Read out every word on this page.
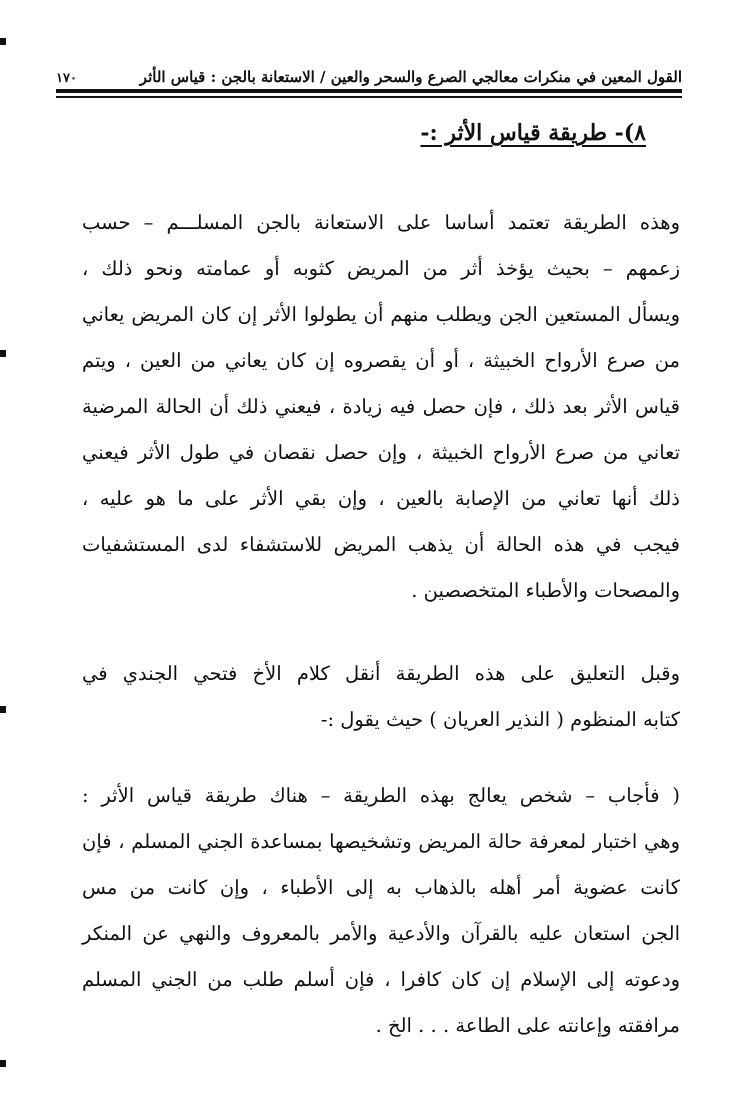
القول المعين في منكرات معالجي الصرع والسحر والعين / الاستعانة بالجن : قياس الأثر
١٧٠
٨)- طريقة قياس الأثر :-
وهذه الطريقة تعتمد أساسا على الاستعانة بالجن المسلـــم – حسب
زعمهم – بحيث يؤخذ أثر من المريض كثوبه أو عمامته ونحو ذلك ،
ويسأل المستعين الجن ويطلب منهم أن يطولوا الأثر إن كان المريض يعاني
من صرع الأرواح الخبيثة ، أو أن يقصروه إن كان يعاني من العين ، ويتم
قياس الأثر بعد ذلك ، فإن حصل فيه زيادة ، فيعني ذلك أن الحالة المرضية
تعاني من صرع الأرواح الخبيثة ، وإن حصل نقصان في طول الأثر فيعني
ذلك أنها تعاني من الإصابة بالعين ، وإن بقي الأثر على ما هو عليه ،
فيجب في هذه الحالة أن يذهب المريض للاستشفاء لدى المستشفيات
والمصحات والأطباء المتخصصين .
وقبل التعليق على هذه الطريقة أنقل كلام الأخ فتحي الجندي في
كتابه المنظوم ( النذير العريان ) حيث يقول :-
( فأجاب – شخص يعالج بهذه الطريقة – هناك طريقة قياس الأثر :
وهي اختبار لمعرفة حالة المريض وتشخيصها بمساعدة الجني المسلم ، فإن
كانت عضوية أمر أهله بالذهاب به إلى الأطباء ، وإن كانت من مس
الجن استعان عليه بالقرآن والأدعية والأمر بالمعروف والنهي عن المنكر
ودعوته إلى الإسلام إن كان كافرا ، فإن أسلم طلب من الجني المسلم
مرافقته وإعانته على الطاعة . . . الخ .
